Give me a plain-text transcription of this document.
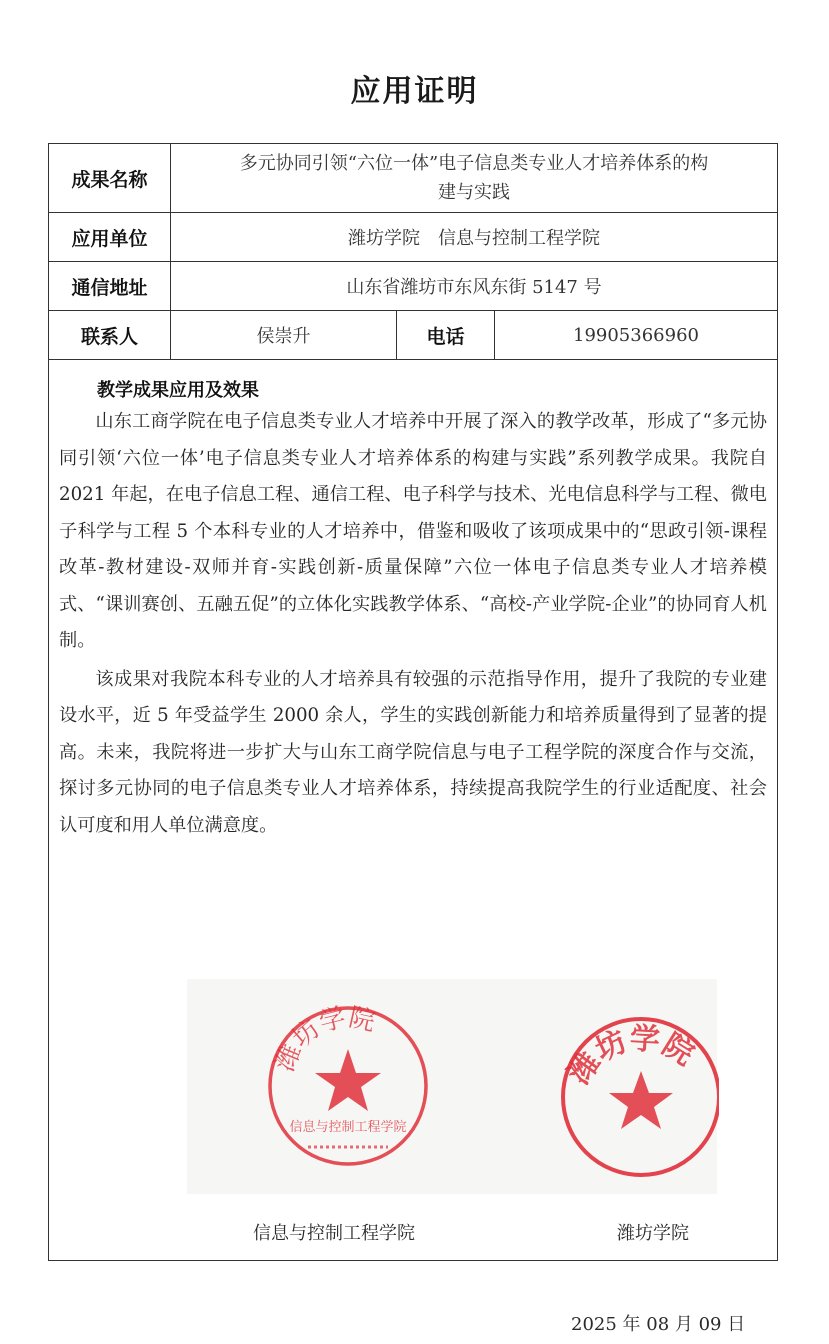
应用证明
成果名称
多元协同引领“六位一体”电子信息类专业人才培养体系的构
建与实践
应用单位	潍坊学院　信息与控制工程学院
通信地址	山东省潍坊市东风东街 5147 号
联系人	侯崇升	电话	19905366960
教学成果应用及效果

山东工商学院在电子信息类专业人才培养中开展了深入的教学改革，形成了“多元协同引领‘六位一体’电子信息类专业人才培养体系的构建与实践”系列教学成果。我院自 2021 年起，在电子信息工程、通信工程、电子科学与技术、光电信息科学与工程、微电子科学与工程 5 个本科专业的人才培养中，借鉴和吸收了该项成果中的“思政引领-课程改革-教材建设-双师并育-实践创新-质量保障”六位一体电子信息类专业人才培养模式、“课训赛创、五融五促”的立体化实践教学体系、“高校-产业学院-企业”的协同育人机制。

该成果对我院本科专业的人才培养具有较强的示范指导作用，提升了我院的专业建设水平，近 5 年受益学生 2000 余人，学生的实践创新能力和培养质量得到了显著的提高。未来，我院将进一步扩大与山东工商学院信息与电子工程学院的深度合作与交流，探讨多元协同的电子信息类专业人才培养体系，持续提高我院学生的行业适配度、社会认可度和用人单位满意度。

潍坊学院
信息与控制工程学院
信息与控制工程学院
潍坊学院
潍坊学院
2025 年 08 月 09 日
